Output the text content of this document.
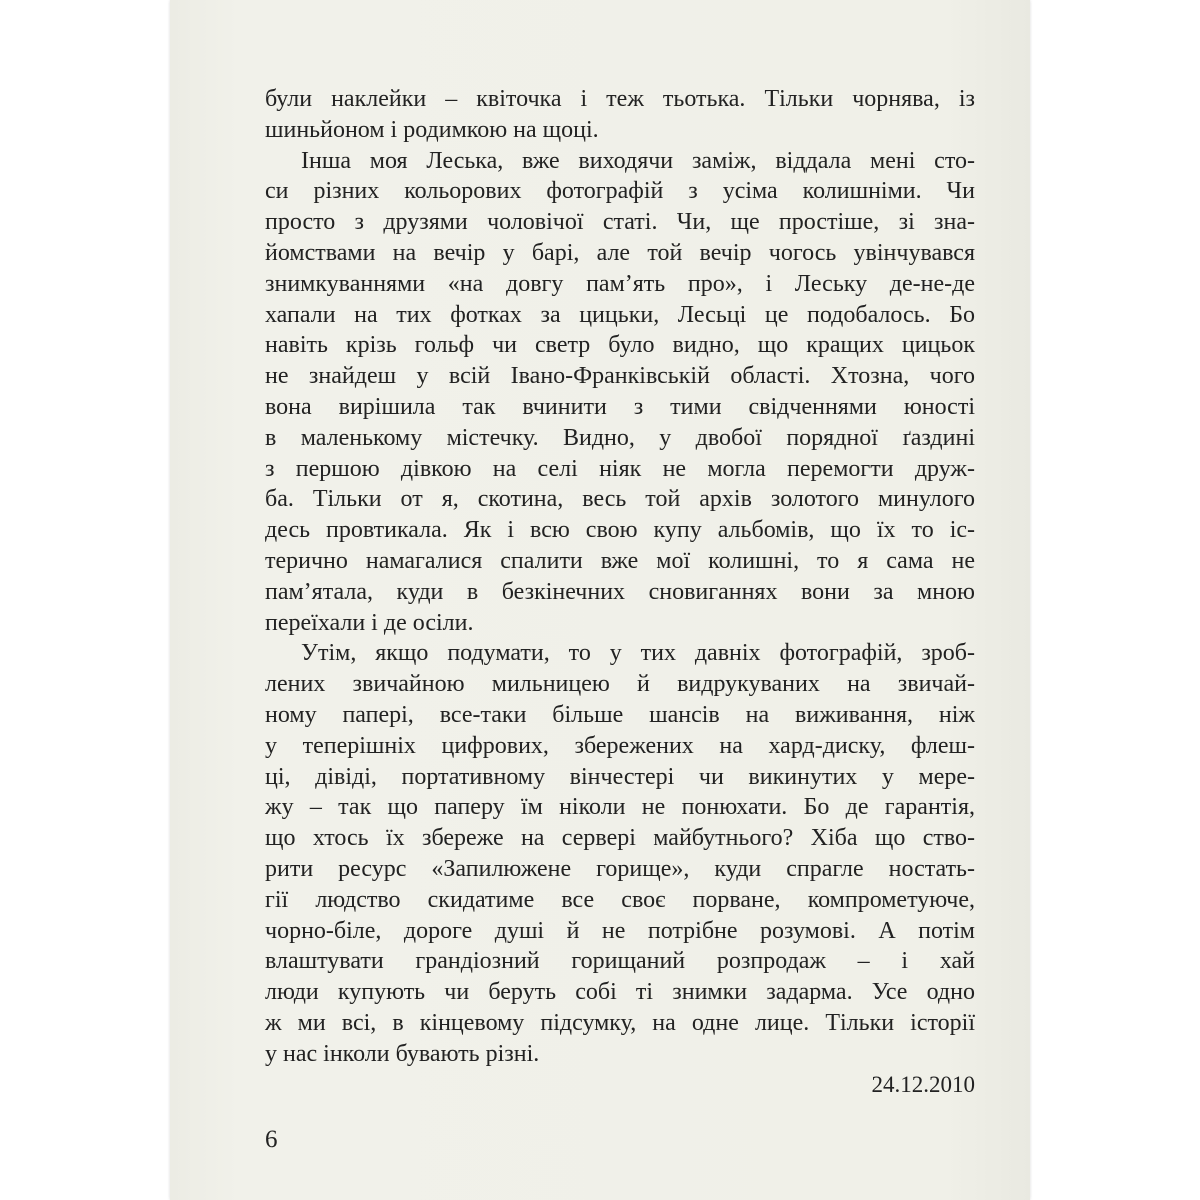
були наклейки – квіточка і теж тьотька. Тільки чорнява, із
шиньйоном і родимкою на щоці.
Інша моя Леська, вже виходячи заміж, віддала мені сто-
си різних кольорових фотографій з усіма колишніми. Чи
просто з друзями чоловічої статі. Чи, ще простіше, зі зна-
йомствами на вечір у барі, але той вечір чогось увінчувався
знимкуваннями «на довгу пам’ять про», і Леську де-не-де
хапали на тих фотках за цицьки, Лесьці це подобалось. Бо
навіть крізь гольф чи светр було видно, що кращих цицьок
не знайдеш у всій Івано-Франківській області. Хтозна, чого
вона вирішила так вчинити з тими свідченнями юності
в маленькому містечку. Видно, у двобої порядної ґаздині
з першою дівкою на селі ніяк не могла перемогти друж-
ба. Тільки от я, скотина, весь той архів золотого минулого
десь провтикала. Як і всю свою купу альбомів, що їх то іс-
терично намагалися спалити вже мої колишні, то я сама не
пам’ятала, куди в безкінечних сновиганнях вони за мною
переїхали і де осіли.
Утім, якщо подумати, то у тих давніх фотографій, зроб-
лених звичайною мильницею й видрукуваних на звичай-
ному папері, все-таки більше шансів на виживання, ніж
у теперішніх цифрових, збережених на хард-диску, флеш-
ці, дівіді, портативному вінчестері чи викинутих у мере-
жу – так що паперу їм ніколи не понюхати. Бо де гарантія,
що хтось їх збереже на сервері майбутнього? Хіба що ство-
рити ресурс «Запилюжене горище», куди спрагле ностать-
гії людство скидатиме все своє порване, компрометуюче,
чорно-біле, дороге душі й не потрібне розумові. А потім
влаштувати грандіозний горищаний розпродаж – і хай
люди купують чи беруть собі ті знимки задарма. Усе одно
ж ми всі, в кінцевому підсумку, на одне лице. Тільки історії
у нас інколи бувають різні.
24.12.2010
6
